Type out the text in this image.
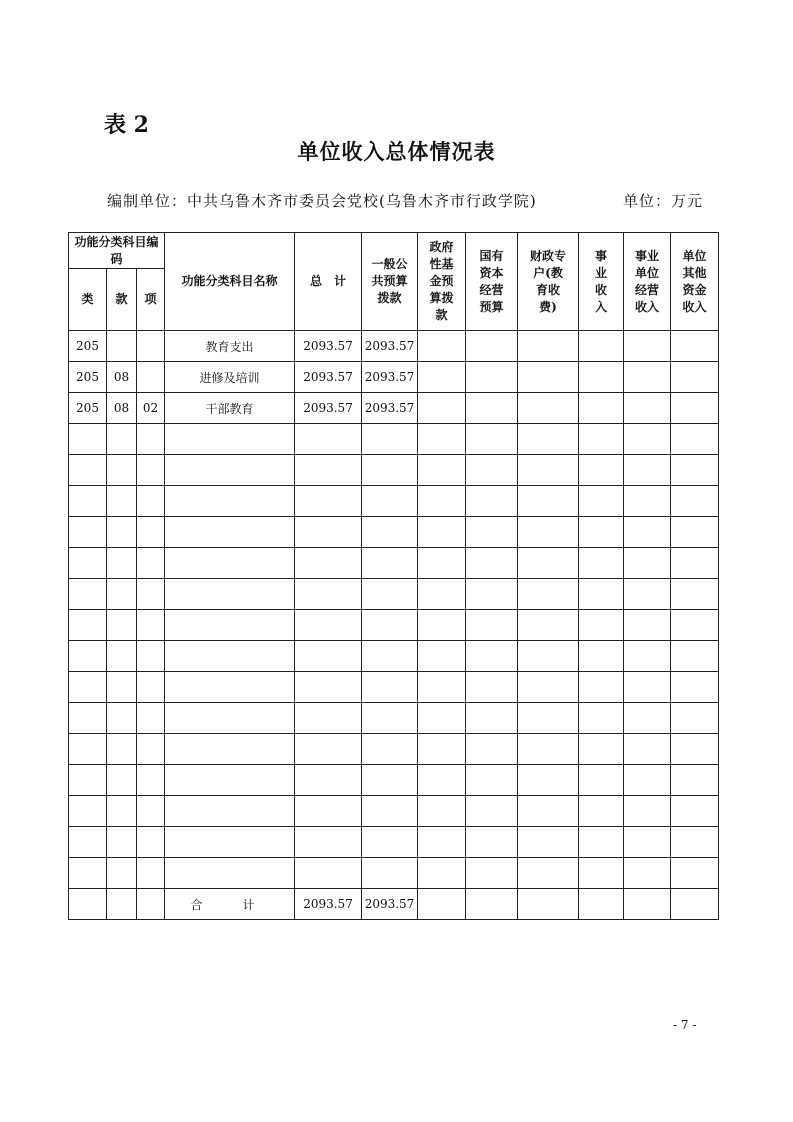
表 2
单位收入总体情况表
编制单位：中共乌鲁木齐市委员会党校(乌鲁木齐市行政学院)	单位：万元
功能分类科目编码			功能分类科目名称	总　计	一般公共预算拨款	政府性基金预算拨款	国有资本经营预算	财政专户(教育收费)	事业收入	事业单位经营收入	单位其他资金收入
类	款	项									
205			教育支出	2093.57	2093.57						
205	08		进修及培训	2093.57	2093.57						
205	08	02	干部教育	2093.57	2093.57						

			合　计	2093.57	2093.57						
- 7 -
